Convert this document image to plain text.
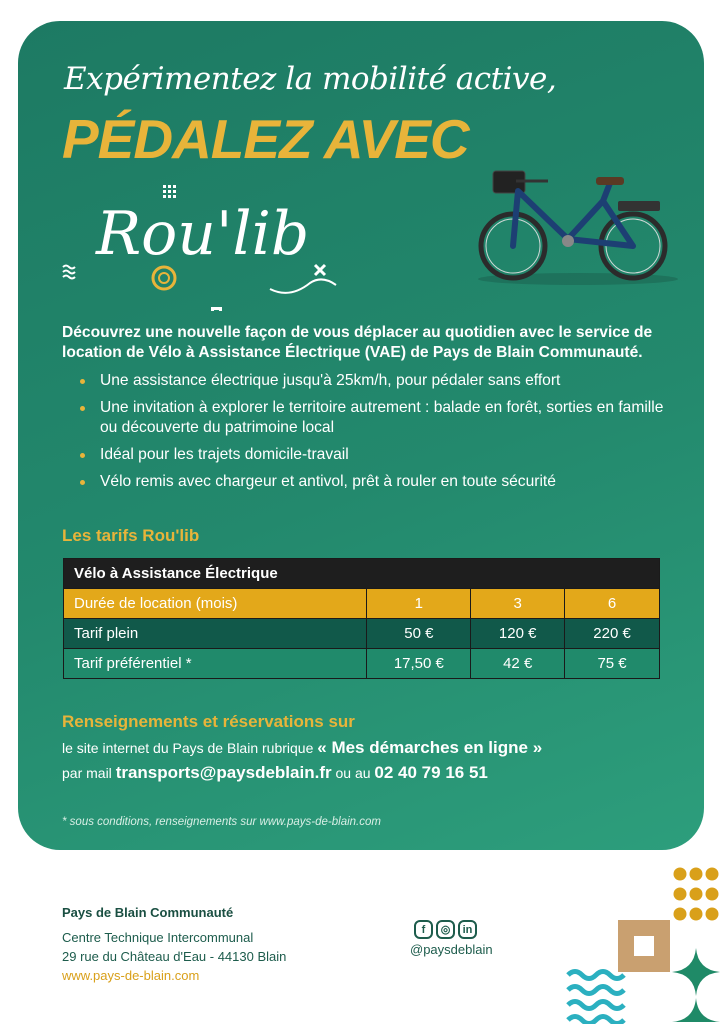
Expérimentez la mobilité active,
PÉDALEZ AVEC
Rou'lib
Découvrez une nouvelle façon de vous déplacer au quotidien avec le service de location de Vélo à Assistance Électrique (VAE) de Pays de Blain Communauté.
Une assistance électrique jusqu'à 25km/h, pour pédaler sans effort
Une invitation à explorer le territoire autrement : balade en forêt, sorties en famille ou découverte du patrimoine local
Idéal pour les trajets domicile-travail
Vélo remis avec chargeur et antivol, prêt à rouler en toute sécurité
Les tarifs Rou'lib
Vélo à Assistance Électrique			
Durée de location (mois)	1	3	6
Tarif plein	50 €	120 €	220 €
Tarif préférentiel *	17,50 €	42 €	75 €
Renseignements et réservations sur
le site internet du Pays de Blain rubrique « Mes démarches en ligne »
par mail transports@paysdeblain.fr ou au 02 40 79 16 51
* sous conditions, renseignements sur www.pays-de-blain.com
Pays de Blain Communauté
Centre Technique Intercommunal
29 rue du Château d'Eau - 44130 Blain
www.pays-de-blain.com
f	◎	in
@paysdeblain
